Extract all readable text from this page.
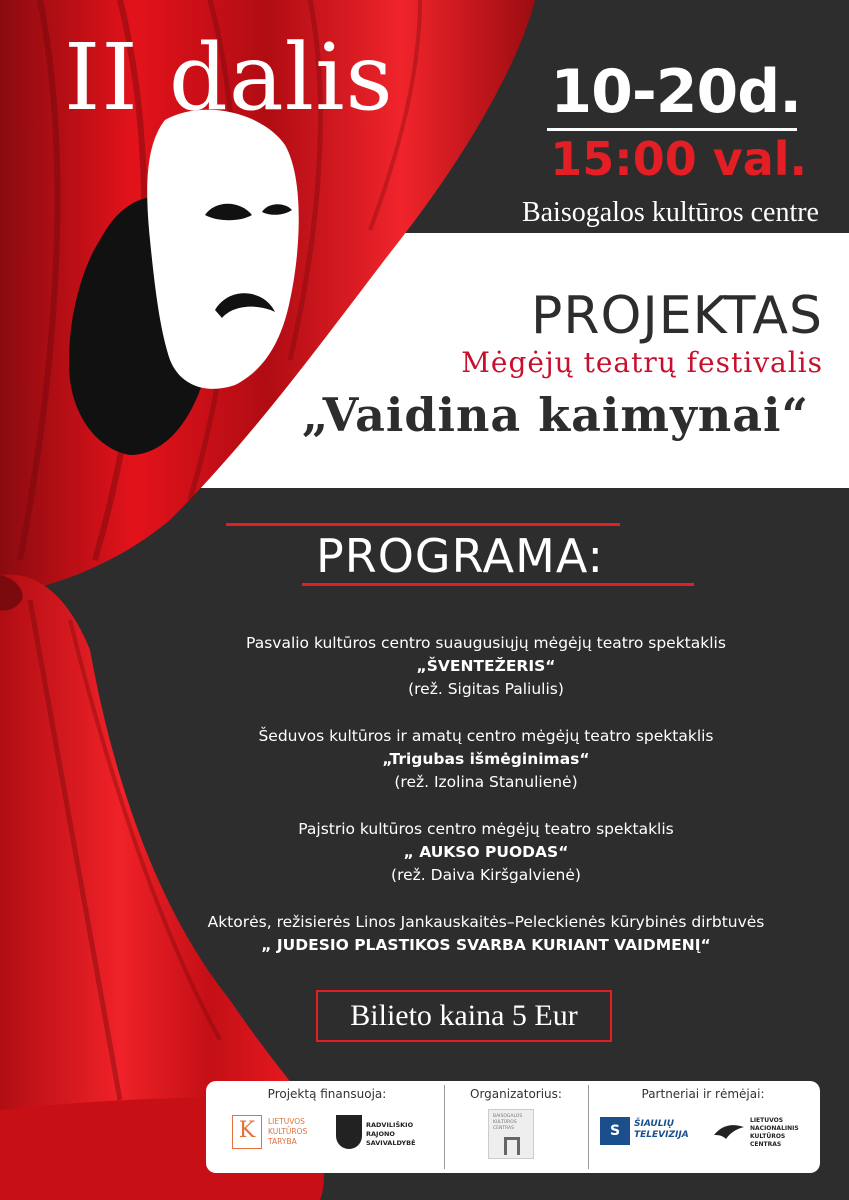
II dalis	10-20d.
15:00 val.
Baisogalos kultūros centre
PROJEKTAS
Mėgėjų teatrų festivalis
„Vaidina kaimynai“
PROGRAMA:
Pasvalio kultūros centro suaugusiųjų mėgėjų teatro spektaklis
„ŠVENTEŽERIS“
(rež. Sigitas Paliulis)
Šeduvos kultūros ir amatų centro mėgėjų teatro spektaklis
„Trigubas išmėginimas“
(rež. Izolina Stanulienė)
Pajstrio kultūros centro mėgėjų teatro spektaklis
„ AUKSO PUODAS“
(rež. Daiva Kiršgalvienė)
Aktorės, režisierės Linos Jankauskaitės–Peleckienės kūrybinės dirbtuvės
„ JUDESIO PLASTIKOS SVARBA KURIANT VAIDMENĮ“
Bilieto kaina 5 Eur
Projektą finansuoja:	Organizatorius:	Partneriai ir rėmėjai:
K	LIETUVOS
KULTŪROS
TARYBA
RADVILIŠKIO
RAJONO
SAVIVALDYBĖ
BAISOGALOS
KULTŪROS
CENTRAS	S	ŠIAULIŲ
TELEVIZIJA
LIETUVOS
NACIONALINIS
KULTŪROS
CENTRAS
